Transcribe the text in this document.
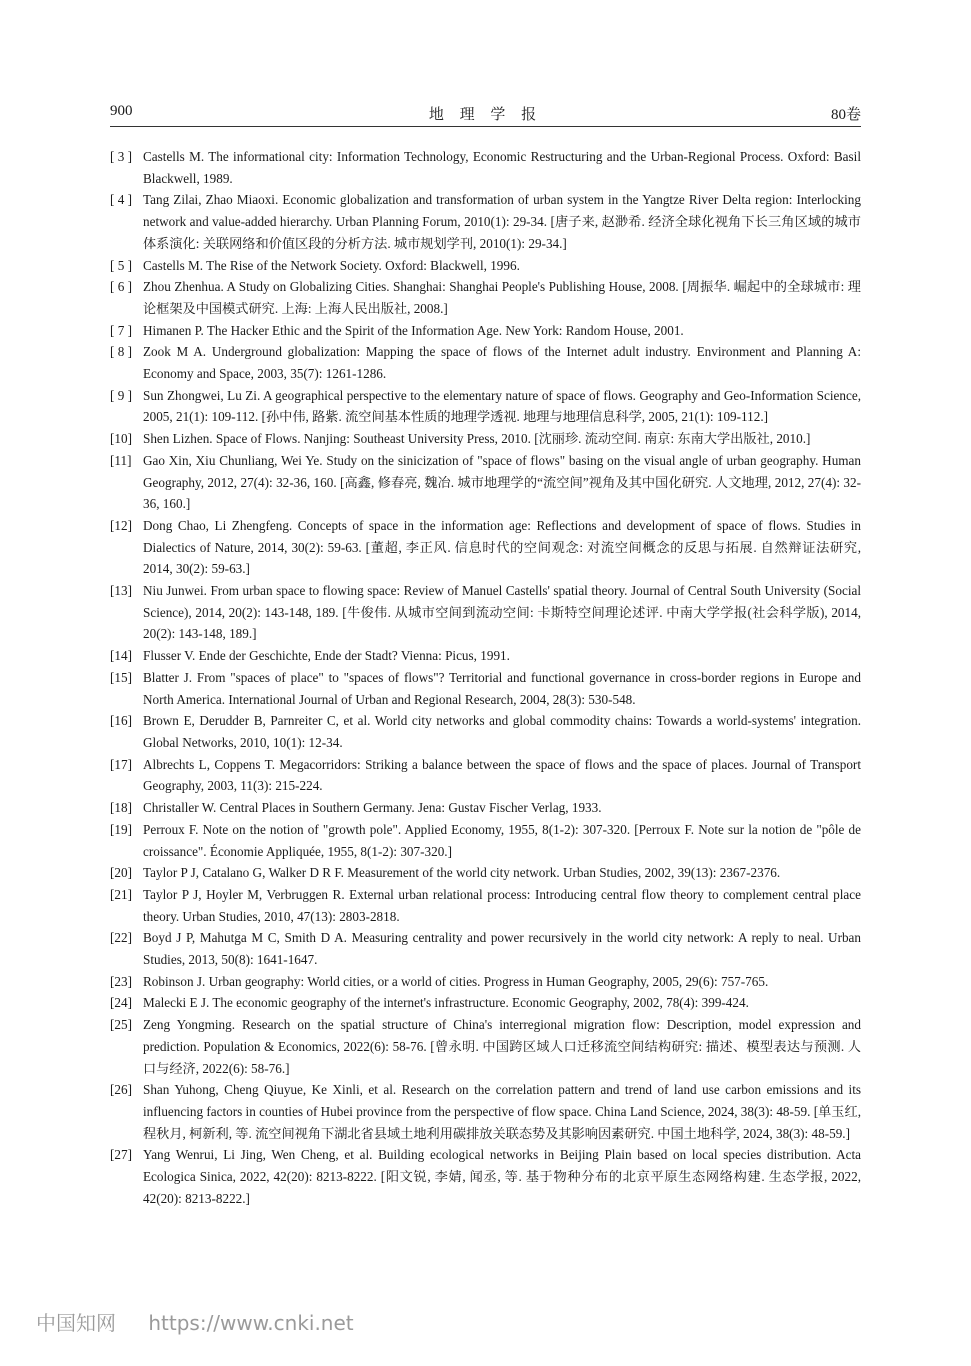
900	地 理 学 报	80卷
[ 3 ] Castells M. The informational city: Information Technology, Economic Restructuring and the Urban-Regional Process. Oxford: Basil Blackwell, 1989.
[ 4 ] Tang Zilai, Zhao Miaoxi. Economic globalization and transformation of urban system in the Yangtze River Delta region: Interlocking network and value-added hierarchy. Urban Planning Forum, 2010(1): 29-34. [唐子来, 赵渺希. 经济全球化视角下长三角区域的城市体系演化: 关联网络和价值区段的分析方法. 城市规划学刊, 2010(1): 29-34.]
[ 5 ] Castells M. The Rise of the Network Society. Oxford: Blackwell, 1996.
[ 6 ] Zhou Zhenhua. A Study on Globalizing Cities. Shanghai: Shanghai People's Publishing House, 2008. [周振华. 崛起中的全球城市: 理论框架及中国模式研究. 上海: 上海人民出版社, 2008.]
[ 7 ] Himanen P. The Hacker Ethic and the Spirit of the Information Age. New York: Random House, 2001.
[ 8 ] Zook M A. Underground globalization: Mapping the space of flows of the Internet adult industry. Environment and Planning A: Economy and Space, 2003, 35(7): 1261-1286.
[ 9 ] Sun Zhongwei, Lu Zi. A geographical perspective to the elementary nature of space of flows. Geography and Geo-Information Science, 2005, 21(1): 109-112. [孙中伟, 路紫. 流空间基本性质的地理学透视. 地理与地理信息科学, 2005, 21(1): 109-112.]
[10] Shen Lizhen. Space of Flows. Nanjing: Southeast University Press, 2010. [沈丽珍. 流动空间. 南京: 东南大学出版社, 2010.]
[11] Gao Xin, Xiu Chunliang, Wei Ye. Study on the sinicization of "space of flows" basing on the visual angle of urban geography. Human Geography, 2012, 27(4): 32-36, 160. [高鑫, 修春亮, 魏冶. 城市地理学的“流空间”视角及其中国化研究. 人文地理, 2012, 27(4): 32-36, 160.]
[12] Dong Chao, Li Zhengfeng. Concepts of space in the information age: Reflections and development of space of flows. Studies in Dialectics of Nature, 2014, 30(2): 59-63. [董超, 李正风. 信息时代的空间观念: 对流空间概念的反思与拓展. 自然辩证法研究, 2014, 30(2): 59-63.]
[13] Niu Junwei. From urban space to flowing space: Review of Manuel Castells' spatial theory. Journal of Central South University (Social Science), 2014, 20(2): 143-148, 189. [牛俊伟. 从城市空间到流动空间: 卡斯特空间理论述评. 中南大学学报(社会科学版), 2014, 20(2): 143-148, 189.]
[14] Flusser V. Ende der Geschichte, Ende der Stadt? Vienna: Picus, 1991.
[15] Blatter J. From "spaces of place" to "spaces of flows"? Territorial and functional governance in cross-border regions in Europe and North America. International Journal of Urban and Regional Research, 2004, 28(3): 530-548.
[16] Brown E, Derudder B, Parnreiter C, et al. World city networks and global commodity chains: Towards a world-systems' integration. Global Networks, 2010, 10(1): 12-34.
[17] Albrechts L, Coppens T. Megacorridors: Striking a balance between the space of flows and the space of places. Journal of Transport Geography, 2003, 11(3): 215-224.
[18] Christaller W. Central Places in Southern Germany. Jena: Gustav Fischer Verlag, 1933.
[19] Perroux F. Note on the notion of "growth pole". Applied Economy, 1955, 8(1-2): 307-320. [Perroux F. Note sur la notion de "pôle de croissance". Économie Appliquée, 1955, 8(1-2): 307-320.]
[20] Taylor P J, Catalano G, Walker D R F. Measurement of the world city network. Urban Studies, 2002, 39(13): 2367-2376.
[21] Taylor P J, Hoyler M, Verbruggen R. External urban relational process: Introducing central flow theory to complement central place theory. Urban Studies, 2010, 47(13): 2803-2818.
[22] Boyd J P, Mahutga M C, Smith D A. Measuring centrality and power recursively in the world city network: A reply to neal. Urban Studies, 2013, 50(8): 1641-1647.
[23] Robinson J. Urban geography: World cities, or a world of cities. Progress in Human Geography, 2005, 29(6): 757-765.
[24] Malecki E J. The economic geography of the internet's infrastructure. Economic Geography, 2002, 78(4): 399-424.
[25] Zeng Yongming. Research on the spatial structure of China's interregional migration flow: Description, model expression and prediction. Population & Economics, 2022(6): 58-76. [曾永明. 中国跨区域人口迁移流空间结构研究: 描述、模型表达与预测. 人口与经济, 2022(6): 58-76.]
[26] Shan Yuhong, Cheng Qiuyue, Ke Xinli, et al. Research on the correlation pattern and trend of land use carbon emissions and its influencing factors in counties of Hubei province from the perspective of flow space. China Land Science, 2024, 38(3): 48-59. [单玉红, 程秋月, 柯新利, 等. 流空间视角下湖北省县域土地利用碳排放关联态势及其影响因素研究. 中国土地科学, 2024, 38(3): 48-59.]
[27] Yang Wenrui, Li Jing, Wen Cheng, et al. Building ecological networks in Beijing Plain based on local species distribution. Acta Ecologica Sinica, 2022, 42(20): 8213-8222. [阳文锐, 李婧, 闻丞, 等. 基于物种分布的北京平原生态网络构建. 生态学报, 2022, 42(20): 8213-8222.]
中国知网 https://www.cnki.net
